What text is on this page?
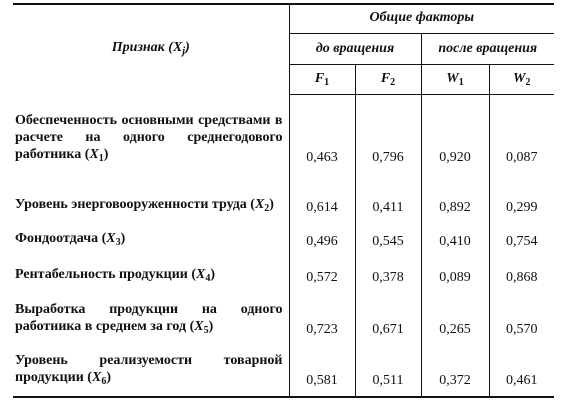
Признак $(X_j)$	Общие факторы			
	до вращения		после вращения	
	$F_1$	$F_2$	$W_1$	$W_2$

Обеспеченность основными средствами в расчете на одного среднегодового работника $(X_1)$	0,463	0,796	0,920	0,087

Уровень энерговооруженности труда $(X_2)$	0,614	0,411	0,892	0,299

Фондоотдача $(X_3)$	0,496	0,545	0,410	0,754

Рентабельность продукции $(X_4)$	0,572	0,378	0,089	0,868

Выработка продукции на одного работника в среднем за год $(X_5)$	0,723	0,671	0,265	0,570

Уровень реализуемости товарной продукции $(X_6)$	0,581	0,511	0,372	0,461
